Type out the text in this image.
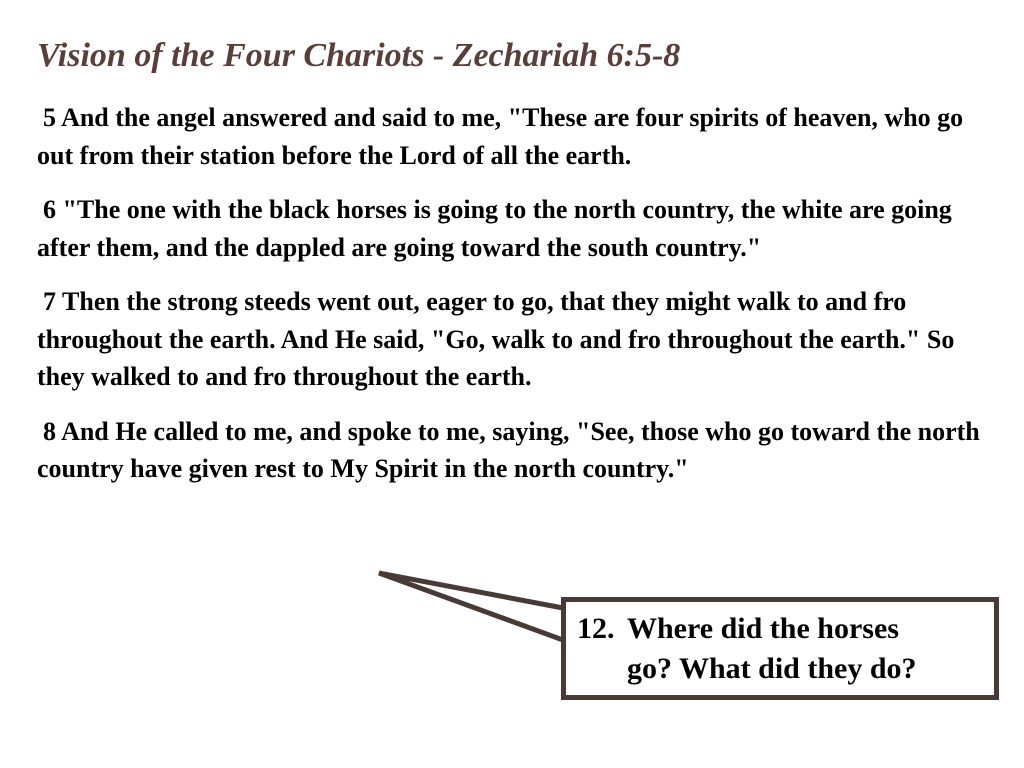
Vision of the Four Chariots - Zechariah 6:5-8

5 And the angel answered and said to me, "These are four spirits of heaven, who go out from their station before the Lord of all the earth.

6 "The one with the black horses is going to the north country, the white are going after them, and the dappled are going toward the south country."

7 Then the strong steeds went out, eager to go, that they might walk to and fro throughout the earth. And He said, "Go, walk to and fro throughout the earth." So they walked to and fro throughout the earth.

8 And He called to me, and spoke to me, saying, "See, those who go toward the north country have given rest to My Spirit in the north country."

12. Where did the horses
go? What did they do?
